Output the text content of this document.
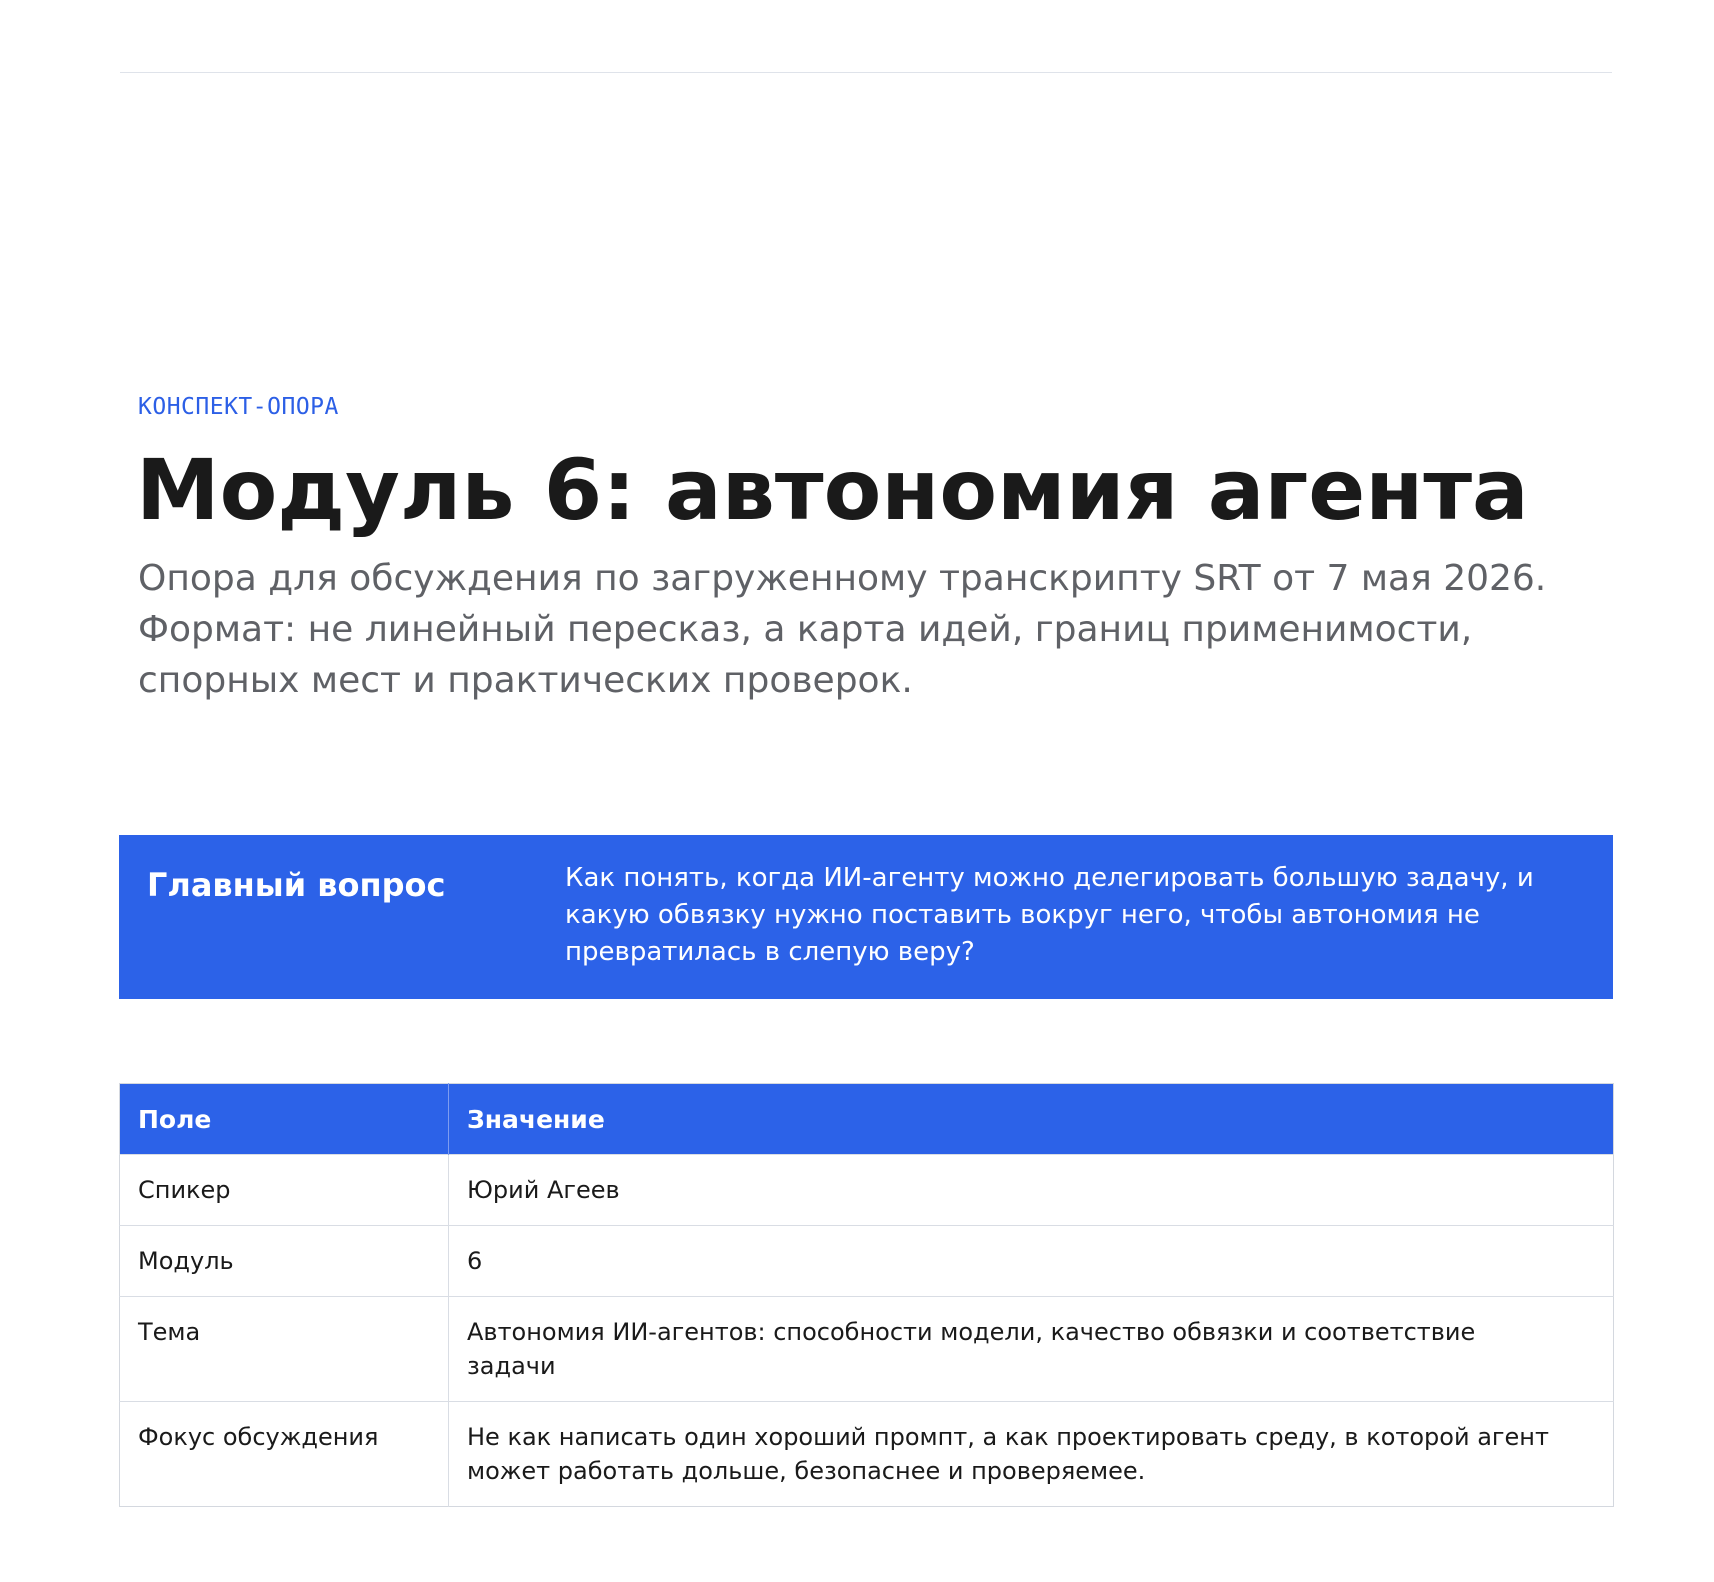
КОНСПЕКТ-ОПОРА
Модуль 6: автономия агента
Опора для обсуждения по загруженному транскрипту SRT от 7 мая 2026.
Формат: не линейный пересказ, а карта идей, границ применимости,
спорных мест и практических проверок.
Главный вопрос	Как понять, когда ИИ-агенту можно делегировать большую задачу, и
какую обвязку нужно поставить вокруг него, чтобы автономия не
превратилась в слепую веру?
Поле	Значение
Спикер	Юрий Агеев

Модуль	6

Тема	Автономия ИИ-агентов: способности модели, качество обвязки и соответствие
задачи

Фокус обсуждения	Не как написать один хороший промпт, а как проектировать среду, в которой агент
может работать дольше, безопаснее и проверяемее.
